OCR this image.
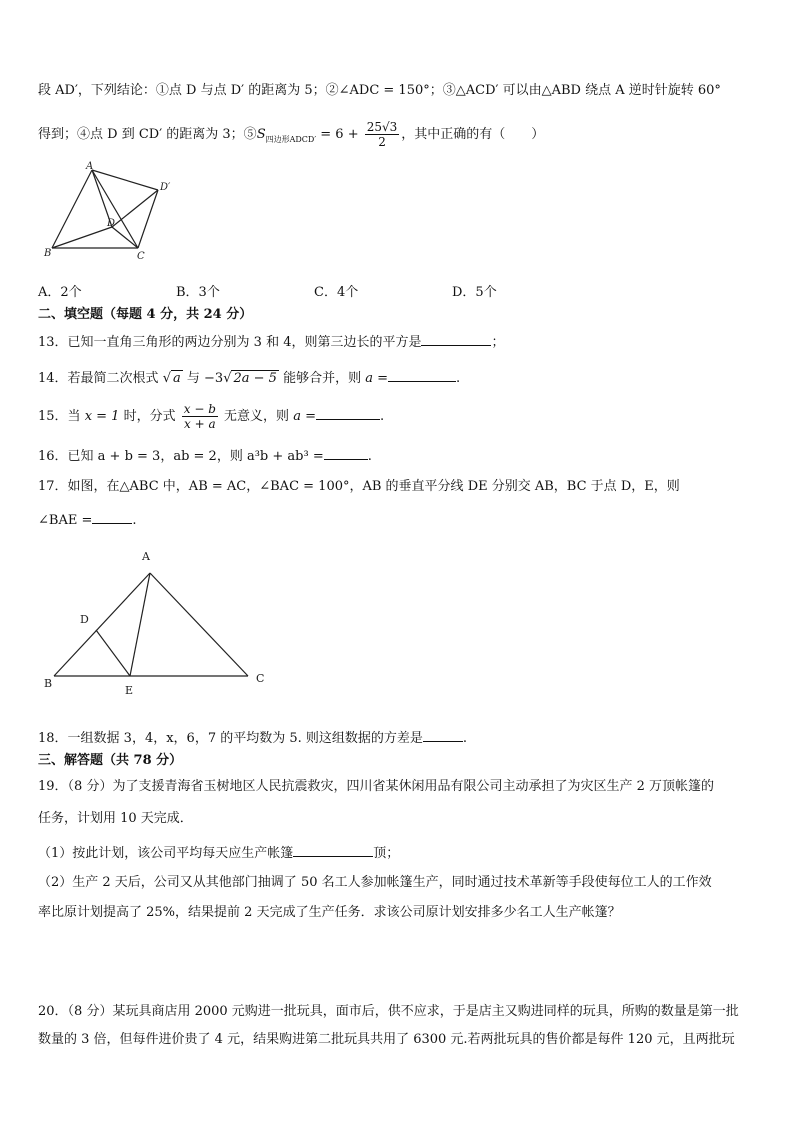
段 AD′，下列结论：①点 D 与点 D′ 的距离为 5；②∠ADC = 150°；③△ACD′ 可以由△ABD 绕点 A 逆时针旋转 60°
得到；④点 D 到 CD′ 的距离为 3；$⑤S_{四边形ADCD'} = 6 + \frac{25√3}{2}$ ，其中正确的有（　　）
A
B	C
D
D′
A．2个	B．3个	C．4个	D．5个
二、填空题（每题 4 分，共 24 分）
13．已知一直角三角形的两边分别为 3 和 4，则第三边长的平方是	；
14．若最简二次根式 √ a 与 −3√ 2a − 5 能够合并，则 a =	.
15．当 x = 1 时，分式 $\frac{x - b}{x + a}$ 无意义，则 a =	.
16．已知 a + b = 3，ab = 2，则 a³b + ab³ =	.
17．如图，在△ABC 中，AB = AC，∠BAC = 100°，AB 的垂直平分线 DE 分别交 AB，BC 于点 D，E，则
∠BAE =	.
A
B	C
D
E
18．一组数据 3，4，x，6，7 的平均数为 5. 则这组数据的方差是	.
三、解答题（共 78 分）
19．（8 分）为了支援青海省玉树地区人民抗震救灾，四川省某休闲用品有限公司主动承担了为灾区生产 2 万顶帐篷的
任务，计划用 10 天完成．
（1）按此计划，该公司平均每天应生产帐篷	顶；
（2）生产 2 天后，公司又从其他部门抽调了 50 名工人参加帐篷生产，同时通过技术革新等手段使每位工人的工作效
率比原计划提高了 25%，结果提前 2 天完成了生产任务．求该公司原计划安排多少名工人生产帐篷？
20．（8 分）某玩具商店用 2000 元购进一批玩具，面市后，供不应求，于是店主又购进同样的玩具，所购的数量是第一批
数量的 3 倍，但每件进价贵了 4 元，结果购进第二批玩具共用了 6300 元.若两批玩具的售价都是每件 120 元，且两批玩
